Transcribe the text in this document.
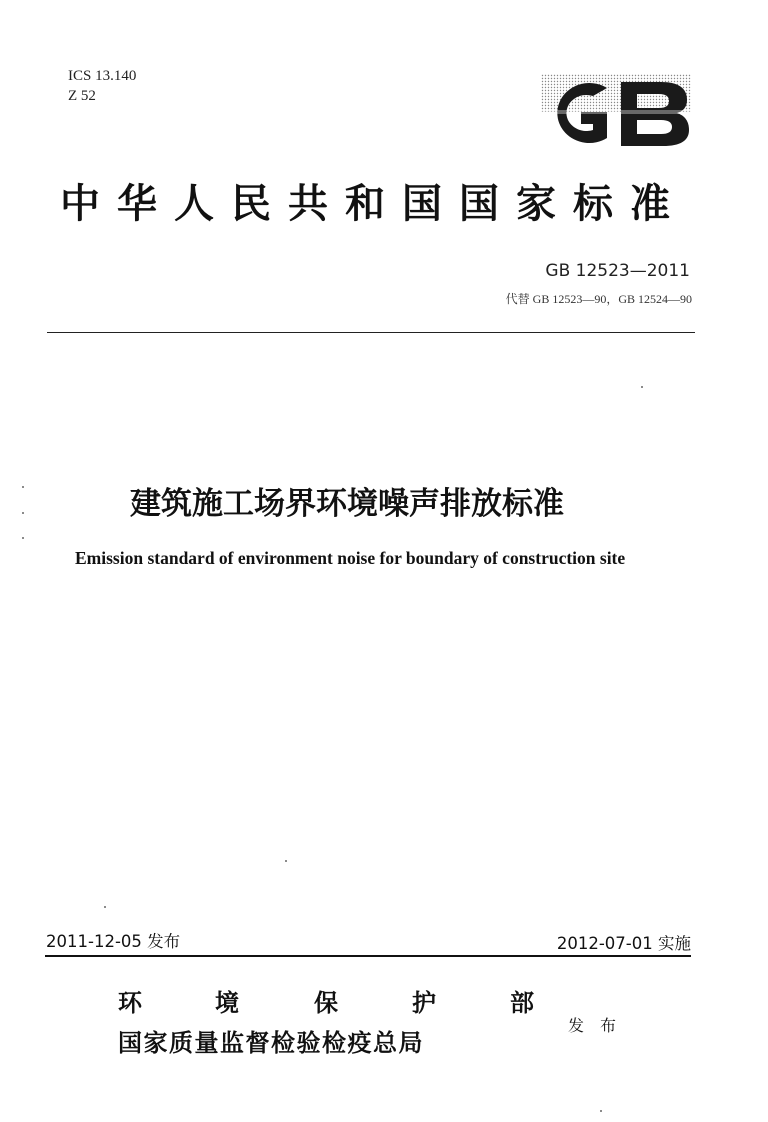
ICS 13.140
Z 52
中华人民共和国国家标准
GB 12523—2011
代替 GB 12523—90，GB 12524—90
建筑施工场界环境噪声排放标准
Emission standard of environment noise for boundary of construction site
2011-12-05 发布	2012-07-01 实施
环	境	保	护	部
国家质量监督检验检疫总局
发布
